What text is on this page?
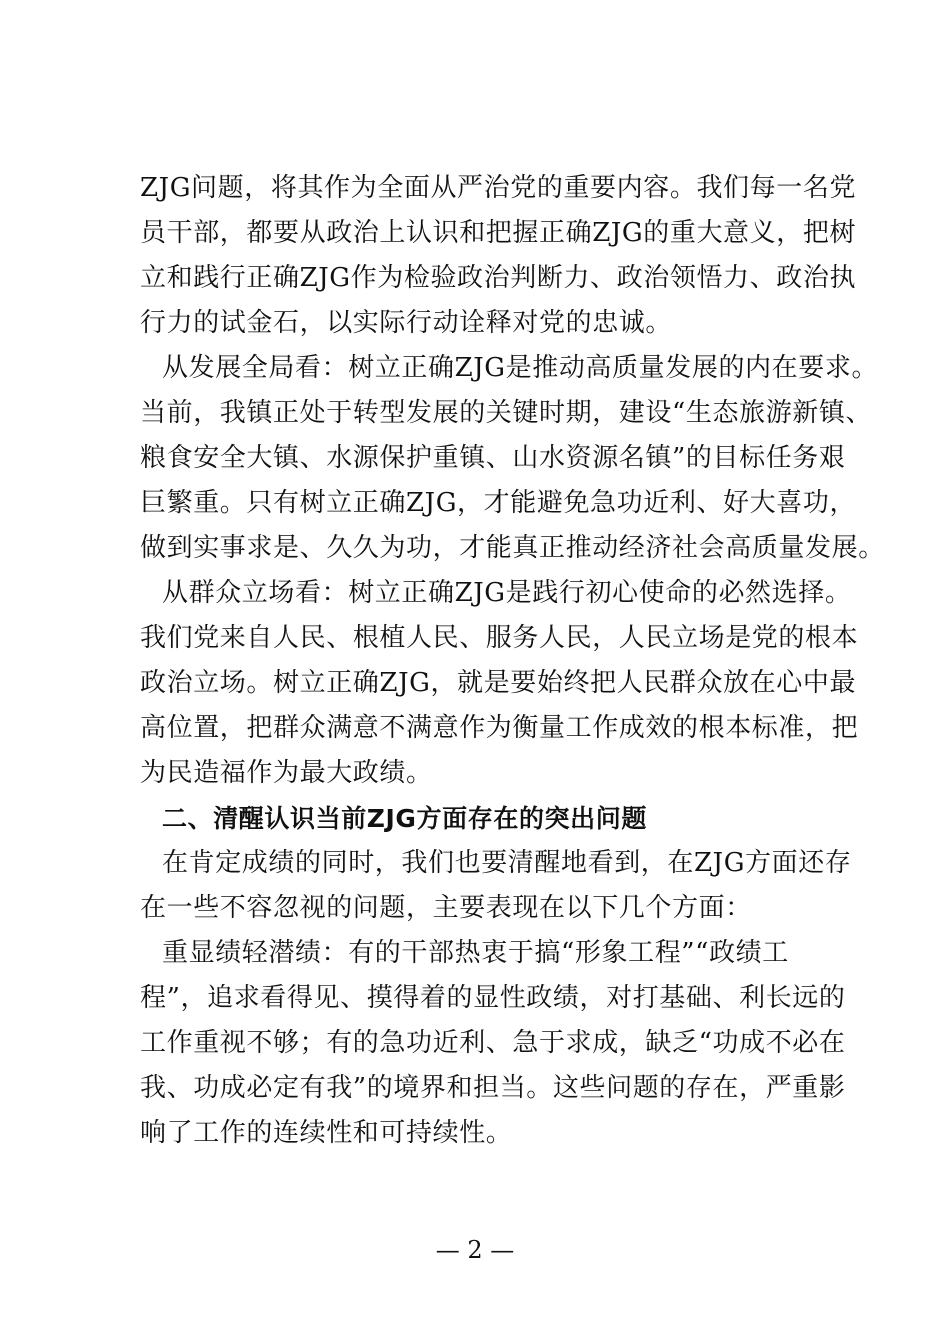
ZJG问题，将其作为全面从严治党的重要内容。我们每一名党
员干部，都要从政治上认识和把握正确ZJG的重大意义，把树
立和践行正确ZJG作为检验政治判断力、政治领悟力、政治执
行力的试金石，以实际行动诠释对党的忠诚。
从发展全局看：树立正确ZJG是推动高质量发展的内在要求。
当前，我镇正处于转型发展的关键时期，建设“生态旅游新镇、
粮食安全大镇、水源保护重镇、山水资源名镇”的目标任务艰
巨繁重。只有树立正确ZJG，才能避免急功近利、好大喜功，
做到实事求是、久久为功，才能真正推动经济社会高质量发展。
从群众立场看：树立正确ZJG是践行初心使命的必然选择。
我们党来自人民、根植人民、服务人民，人民立场是党的根本
政治立场。树立正确ZJG，就是要始终把人民群众放在心中最
高位置，把群众满意不满意作为衡量工作成效的根本标准，把
为民造福作为最大政绩。
二、清醒认识当前ZJG方面存在的突出问题
在肯定成绩的同时，我们也要清醒地看到，在ZJG方面还存
在一些不容忽视的问题，主要表现在以下几个方面：
重显绩轻潜绩：有的干部热衷于搞“形象工程”“政绩工
程”，追求看得见、摸得着的显性政绩，对打基础、利长远的
工作重视不够；有的急功近利、急于求成，缺乏“功成不必在
我、功成必定有我”的境界和担当。这些问题的存在，严重影
响了工作的连续性和可持续性。
— 2 —
